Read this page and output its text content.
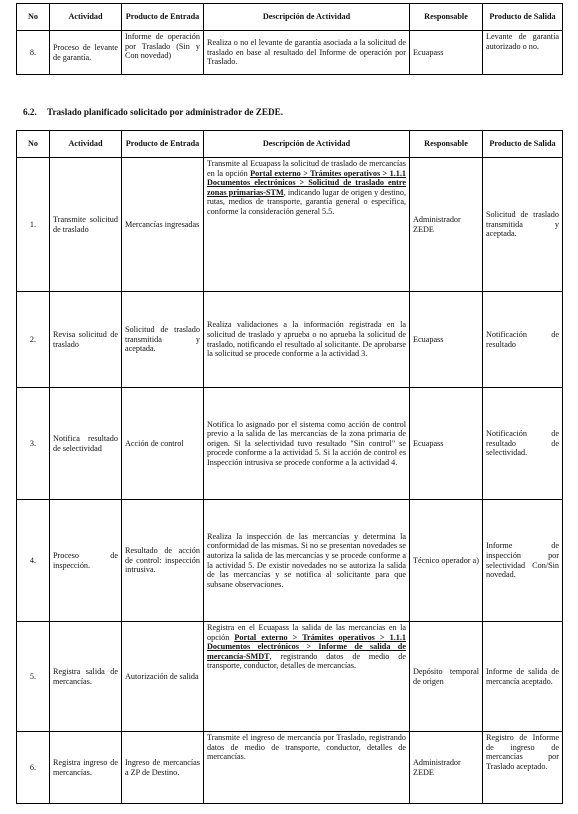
No	Actividad	Producto de Entrada	Descripción de Actividad	Responsable	Producto de Salida
8.	Proceso de levante de garantía.	Informe de operación por Traslado (Sin y Con novedad)	Realiza o no el levante de garantía asociada a la solicitud de traslado en base al resultado del Informe de operación por Traslado.	Ecuapass	Levante de garantía autorizado o no.
6.2. Traslado planificado solicitado por administrador de ZEDE.
No	Actividad	Producto de Entrada	Descripción de Actividad	Responsable	Producto de Salida
1.	Transmite solicitud de traslado	Mercancías ingresadas	Transmite al Ecuapass la solicitud de traslado de mercancías en la opción Portal externo > Trámites operativos > 1.1.1 Documentos electrónicos > Solicitud de traslado entre zonas primarias-STM, indicando lugar de origen y destino, rutas, medios de transporte, garantía general o específica, conforme la consideración general 5.5.	Administrador ZEDE	Solicitud de traslado transmitida y aceptada.
2.	Revisa solicitud de traslado	Solicitud de traslado transmitida y aceptada.	Realiza validaciones a la información registrada en la solicitud de traslado y aprueba o no aprueba la solicitud de traslado, notificando el resultado al solicitante. De aprobarse la solicitud se procede conforme a la actividad 3.	Ecuapass	Notificación de resultado
3.	Notifica resultado de selectividad	Acción de control	Notifica lo asignado por el sistema como acción de control previo a la salida de las mercancías de la zona primaria de origen. Si la selectividad tuvo resultado "Sin control" se procede conforme a la actividad 5. Si la acción de control es Inspección intrusiva se procede conforme a la actividad 4.	Ecuapass	Notificación de resultado de selectividad.
4.	Proceso de inspección.	Resultado de acción de control: inspección intrusiva.	Realiza la inspección de las mercancías y determina la conformidad de las mismas. Si no se presentan novedades se autoriza la salida de las mercancías y se procede conforme a la actividad 5. De existir novedades no se autoriza la salida de las mercancías y se notifica al solicitante para que subsane observaciones.	Técnico operador a)	Informe de inspección por selectividad Con/Sin novedad.
5.	Registra salida de mercancías.	Autorización de salida	Registra en el Ecuapass la salida de las mercancías en la opción Portal externo > Trámites operativos > 1.1.1 Documentos electrónicos > Informe de salida de mercancía-SMDT, registrando datos de medio de transporte, conductor, detalles de mercancías.	Depósito temporal de origen	Informe de salida de mercancía aceptado.
6.	Registra ingreso de mercancías.	Ingreso de mercancías a ZP de Destino.	Transmite el ingreso de mercancía por Traslado, registrando datos de medio de transporte, conductor, detalles de mercancías.	Administrador ZEDE	Registro de Informe de ingreso de mercancías por Traslado aceptado.
